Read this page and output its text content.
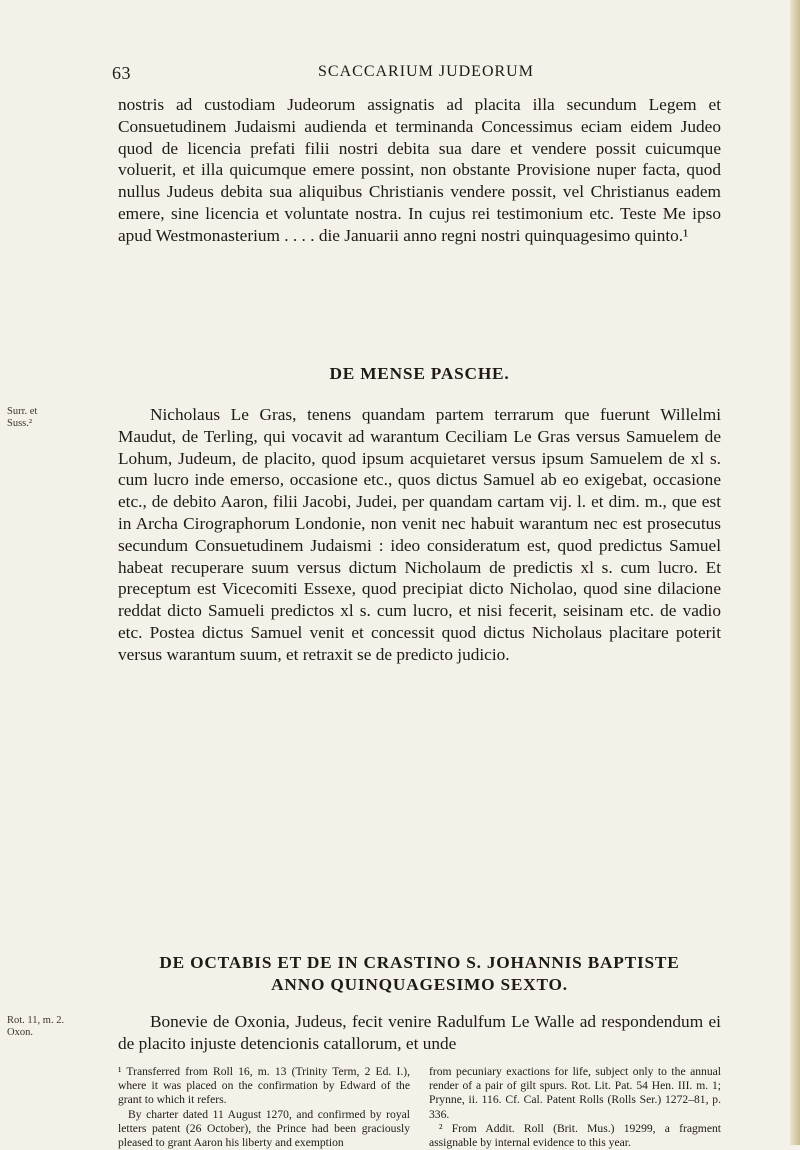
63	SCACCARIUM JUDEORUM

nostris ad custodiam Judeorum assignatis ad placita illa secundum Legem et Consuetudinem Judaismi audienda et terminanda Concessimus eciam eidem Judeo quod de licencia prefati filii nostri debita sua dare et vendere possit cuicumque voluerit, et illa quicumque emere possint, non obstante Provisione nuper facta, quod nullus Judeus debita sua aliquibus Christianis vendere possit, vel Christianus eadem emere, sine licencia et voluntate nostra. In cujus rei testimonium etc. Teste Me ipso apud Westmonasterium . . . . die Januarii anno regni nostri quinquagesimo quinto.¹

DE MENSE PASCHE.
Surr. et
Suss.²	Nicholaus Le Gras, tenens quandam partem terrarum que fuerunt Willelmi Maudut, de Terling, qui vocavit ad warantum Ceciliam Le Gras versus Samuelem de Lohum, Judeum, de placito, quod ipsum acquietaret versus ipsum Samuelem de xl s. cum lucro inde emerso, occasione etc., quos dictus Samuel ab eo exigebat, occasione etc., de debito Aaron, filii Jacobi, Judei, per quandam cartam vij. l. et dim. m., que est in Archa Cirographorum Londonie, non venit nec habuit warantum nec est prosecutus secundum Consuetudinem Judaismi : ideo consideratum est, quod predictus Samuel habeat recuperare suum versus dictum Nicholaum de predictis xl s. cum lucro. Et preceptum est Vicecomiti Essexe, quod precipiat dicto Nicholao, quod sine dilacione reddat dicto Samueli predictos xl s. cum lucro, et nisi fecerit, seisinam etc. de vadio etc. Postea dictus Samuel venit et concessit quod dictus Nicholaus placitare poterit versus warantum suum, et retraxit se de predicto judicio.

DE OCTABIS ET DE IN CRASTINO S. JOHANNIS BAPTISTE
ANNO QUINQUAGESIMO SEXTO.
Rot. 11, m. 2.
Oxon.

Bonevie de Oxonia, Judeus, fecit venire Radulfum Le Walle ad respondendum ei de placito injuste detencionis catallorum, et unde

¹ Transferred from Roll 16, m. 13 (Trinity Term, 2 Ed. I.), where it was placed on the confirmation by Edward of the grant to which it refers.

By charter dated 11 August 1270, and confirmed by royal letters patent (26 October), the Prince had been graciously pleased to grant Aaron his liberty and exemption

from pecuniary exactions for life, subject only to the annual render of a pair of gilt spurs. Rot. Lit. Pat. 54 Hen. III. m. 1; Prynne, ii. 116. Cf. Cal. Patent Rolls (Rolls Ser.) 1272–81, p. 336.

² From Addit. Roll (Brit. Mus.) 19299, a fragment assignable by internal evidence to this year.
